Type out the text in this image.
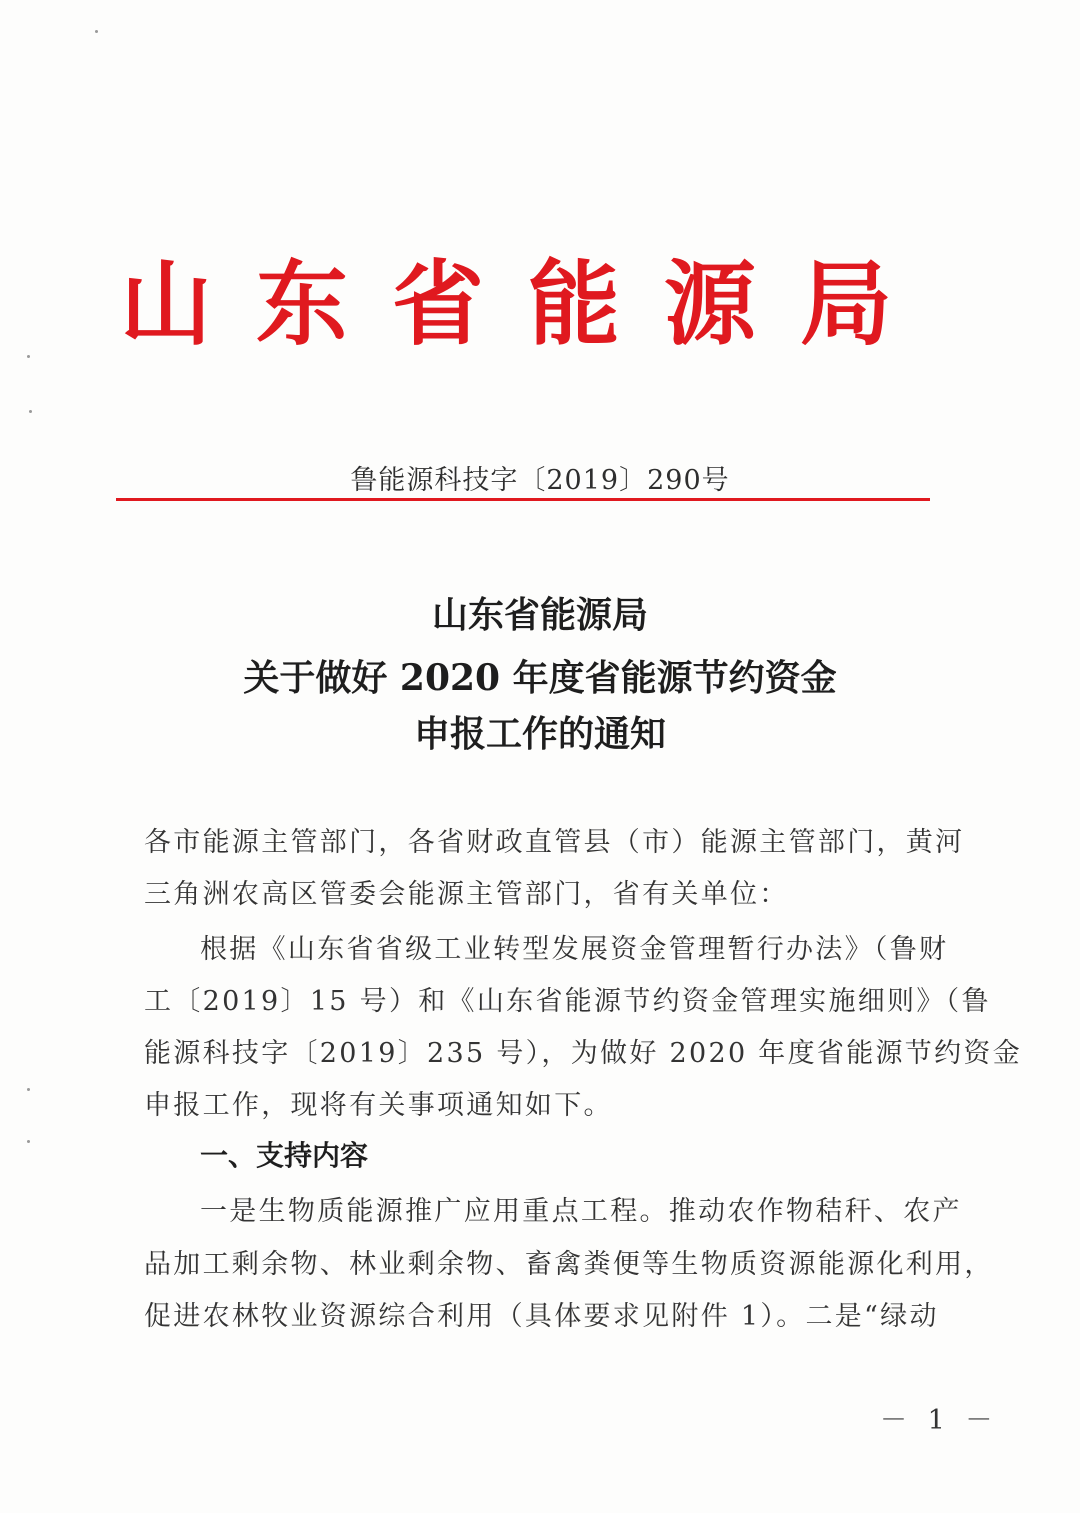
山东省能源局
鲁能源科技字〔2019〕290号
山东省能源局
关于做好 2020 年度省能源节约资金
申报工作的通知
各市能源主管部门，各省财政直管县（市）能源主管部门，黄河
三角洲农高区管委会能源主管部门，省有关单位：
根据《山东省省级工业转型发展资金管理暂行办法》（鲁财
工〔2019〕15 号）和《山东省能源节约资金管理实施细则》（鲁
能源科技字〔2019〕235 号），为做好 2020 年度省能源节约资金
申报工作，现将有关事项通知如下。
一、支持内容
一是生物质能源推广应用重点工程。推动农作物秸秆、农产
品加工剩余物、林业剩余物、畜禽粪便等生物质资源能源化利用，
促进农林牧业资源综合利用（具体要求见附件 1）。二是“绿动
－ 1 －
